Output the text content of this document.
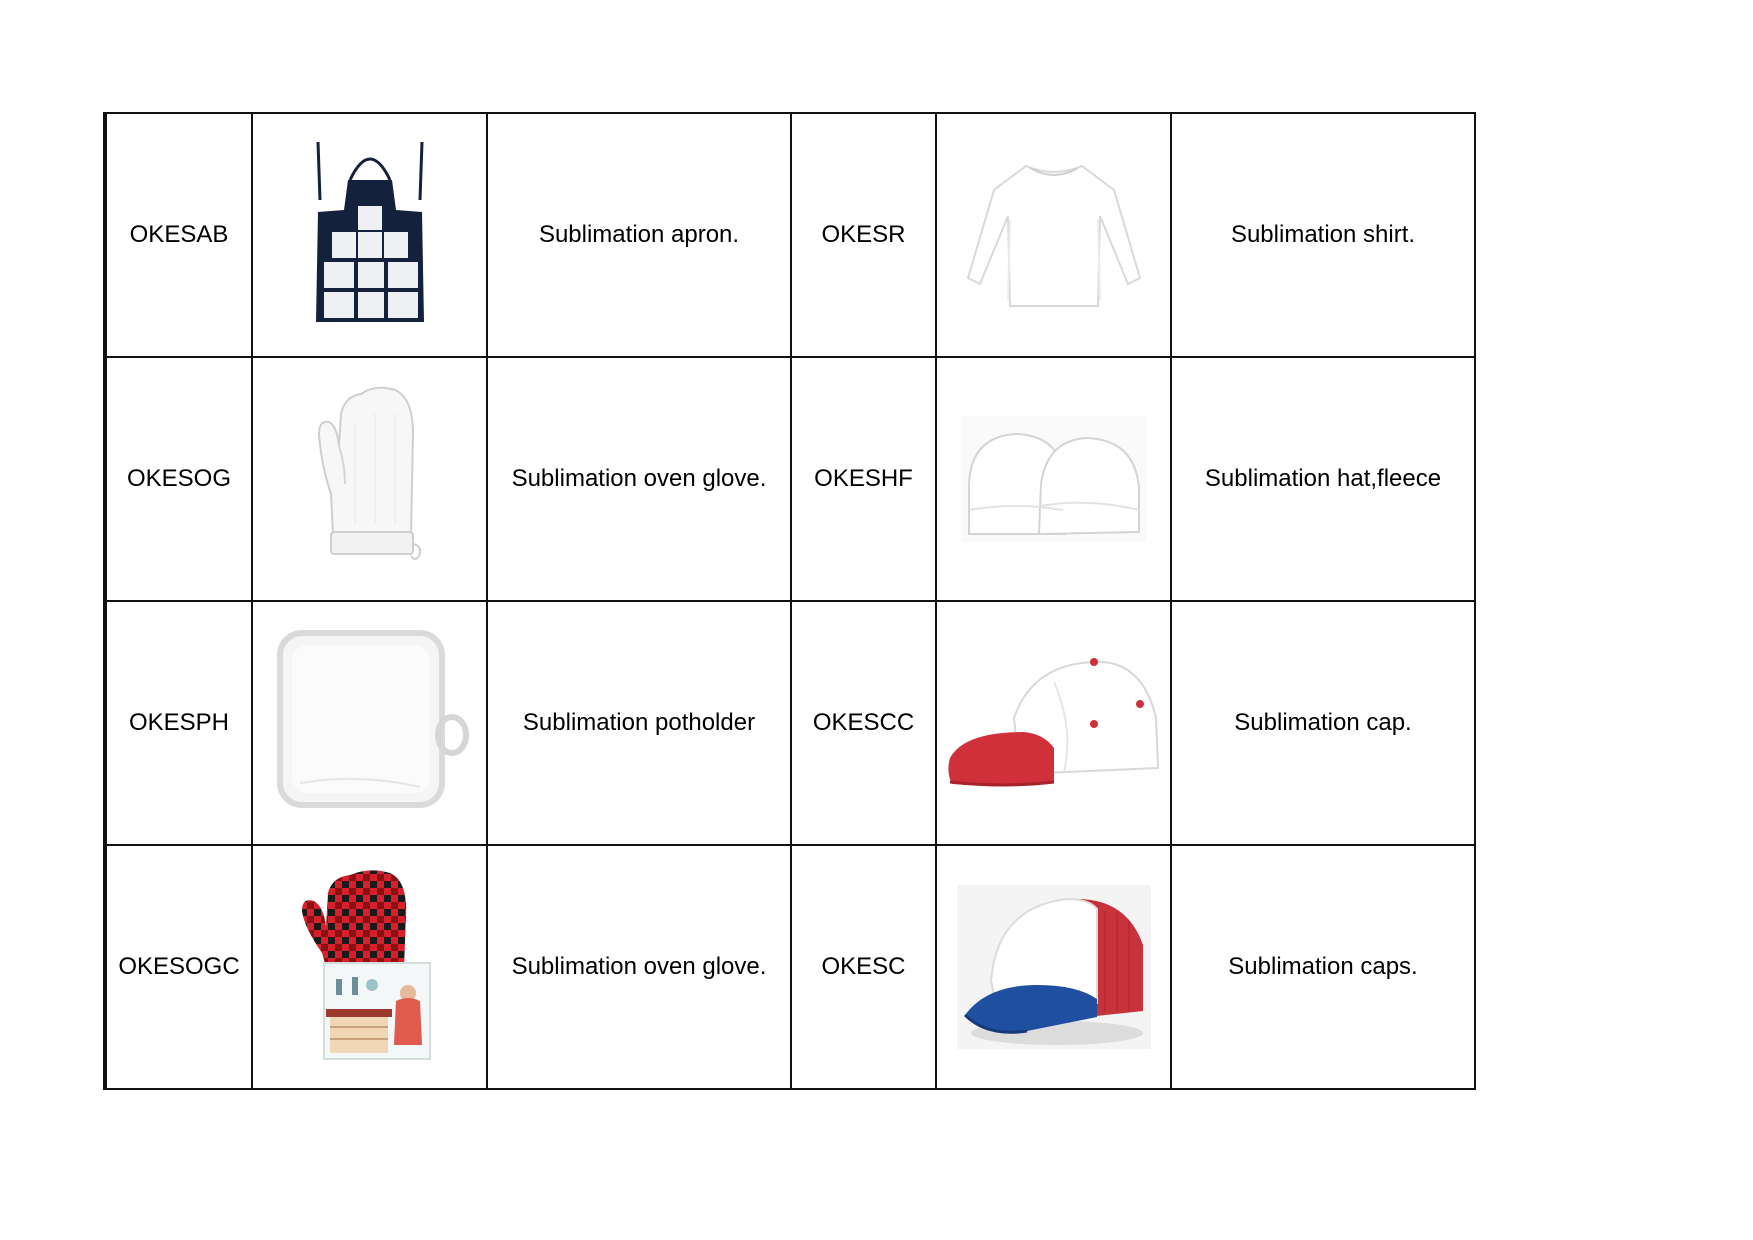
OKESAB		Sublimation apron.	OKESR		Sublimation shirt.
OKESOG		Sublimation oven glove.	OKESHF		Sublimation hat,fleece
OKESPH		Sublimation potholder	OKESCC		Sublimation cap.
OKESOGC		Sublimation oven glove.	OKESC		Sublimation caps.
